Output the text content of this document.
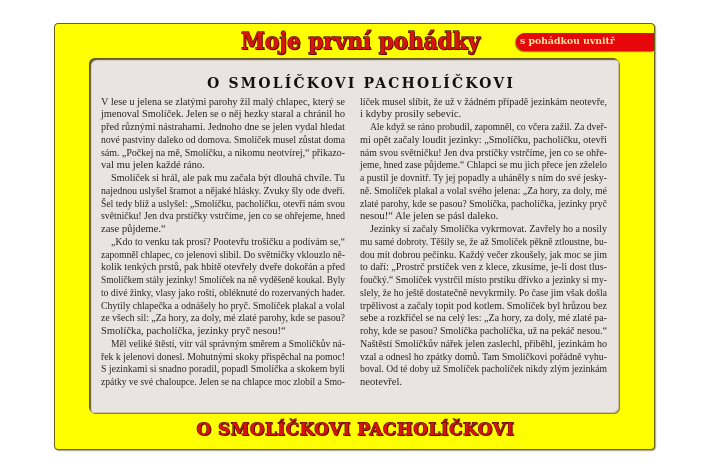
Moje první pohádky	s pohádkou uvnitř
O SMOLÍČKOVI PACHOLÍČKOVI
V lese u jelena se zlatými parohy žil malý chlapec, který se
jmenoval Smolíček. Jelen se o něj hezky staral a chránil ho
před různými nástrahami. Jednoho dne se jelen vydal hledat
nové pastviny daleko od domova. Smolíček musel zůstat doma
sám. „Počkej na mě, Smolíčku, a nikomu neotvírej,“ přikazo-
val mu jelen každé ráno.
Smolíček si hrál, ale pak mu začala být dlouhá chvíle. Tu
najednou uslyšel šramot a nějaké hlásky. Zvuky šly ode dveří.
Šel tedy blíž a uslyšel: „Smolíčku, pacholíčku, otevři nám svou
světničku! Jen dva prstíčky vstrčíme, jen co se ohřejeme, hned
zase půjdeme.“
„Kdo to venku tak prosí? Pootevřu trošičku a podívám se,“
zapomněl chlapec, co jelenovi slíbil. Do světničky vklouzlo ně-
kolik tenkých prstů, pak hbitě otevřely dveře dokořán a před
Smolíčkem stály jezinky! Smolíček na ně vyděšeně koukal. Byly
to divé žinky, vlasy jako roští, obléknuté do rozervaných hader.
Chytily chlapečka a odnášely ho pryč. Smolíček plakal a volal
ze všech sil: „Za hory, za doly, mé zlaté parohy, kde se pasou?
Smolíčka, pacholíčka, jezinky pryč nesou!“
Měl veliké štěstí, vítr vál správným směrem a Smolíčkův ná-
řek k jelenovi donesl. Mohutnými skoky přispěchal na pomoc!
S jezinkami si snadno poradil, popadl Smolíčka a skokem byli
zpátky ve své chaloupce. Jelen se na chlapce moc zlobil a Smo-
líček musel slíbit, že už v žádném případě jezinkám neotevře,
i kdyby prosily sebevíc.
Ale když se ráno probudil, zapomněl, co včera zažil. Za dveř-
mi opět začaly loudit jezinky: „Smolíčku, pacholíčku, otevři
nám svou světničku! Jen dva prstíčky vstrčíme, jen co se ohře-
jeme, hned zase půjdeme.“ Chlapci se mu jich přece jen zželelo
a pustil je dovnitř. Ty jej popadly a uháněly s ním do své jesky-
ně. Smolíček plakal a volal svého jelena: „Za hory, za doly, mé
zlaté parohy, kde se pasou? Smolíčka, pacholíčka, jezinky pryč
nesou!“ Ale jelen se pásl daleko.
Jezinky si začaly Smolíčka vykrmovat. Zavřely ho a nosily
mu samé dobroty. Těšily se, že až Smolíček pěkně ztloustne, bu-
dou mít dobrou pečínku. Každý večer zkoušely, jak moc se jim
to daří: „Prostrč prstíček ven z klece, zkusíme, je-li dost tlus-
foučký.“ Smolíček vystrčil místo prstíku dřívko a jezinky si my-
slely, že ho ještě dostatečně nevykrmily. Po čase jim však došla
trpělivost a začaly topit pod kotlem. Smolíček byl hrůzou bez
sebe a rozkřičel se na celý les: „Za hory, za doly, mé zlaté pa-
rohy, kde se pasou? Smolíčka pacholíčka, už na pekáč nesou.“
Naštěstí Smolíčkův nářek jelen zaslechl, přiběhl, jezinkám ho
vzal a odnesl ho zpátky domů. Tam Smolíčkovi pořádně vyhu-
boval. Od té doby už Smolíček pacholíček nikdy zlým jezinkám
neotevřel.
O SMOLÍČKOVI PACHOLÍČKOVI
